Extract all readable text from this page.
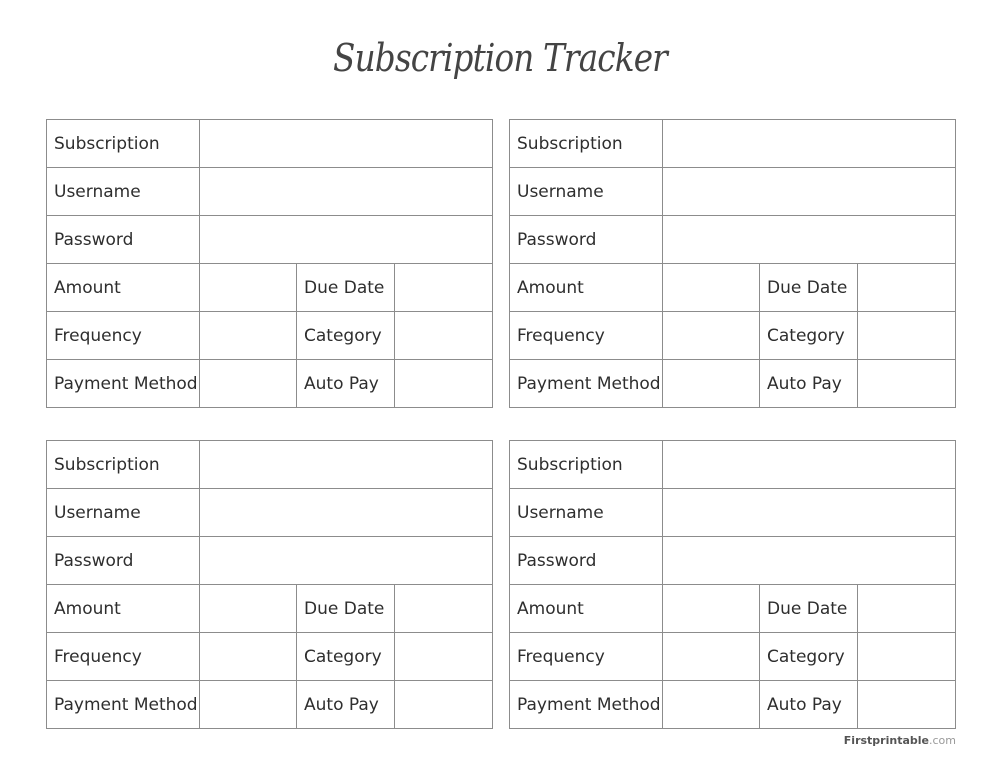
Subscription Tracker
Subscription			
Username			
Password			
Amount		Due Date	
Frequency		Category	
Payment Method		Auto Pay	
Subscription			
Username			
Password			
Amount		Due Date	
Frequency		Category	
Payment Method		Auto Pay	
Subscription			
Username			
Password			
Amount		Due Date	
Frequency		Category	
Payment Method		Auto Pay	
Subscription			
Username			
Password			
Amount		Due Date	
Frequency		Category	
Payment Method		Auto Pay	
Firstprintable.com
